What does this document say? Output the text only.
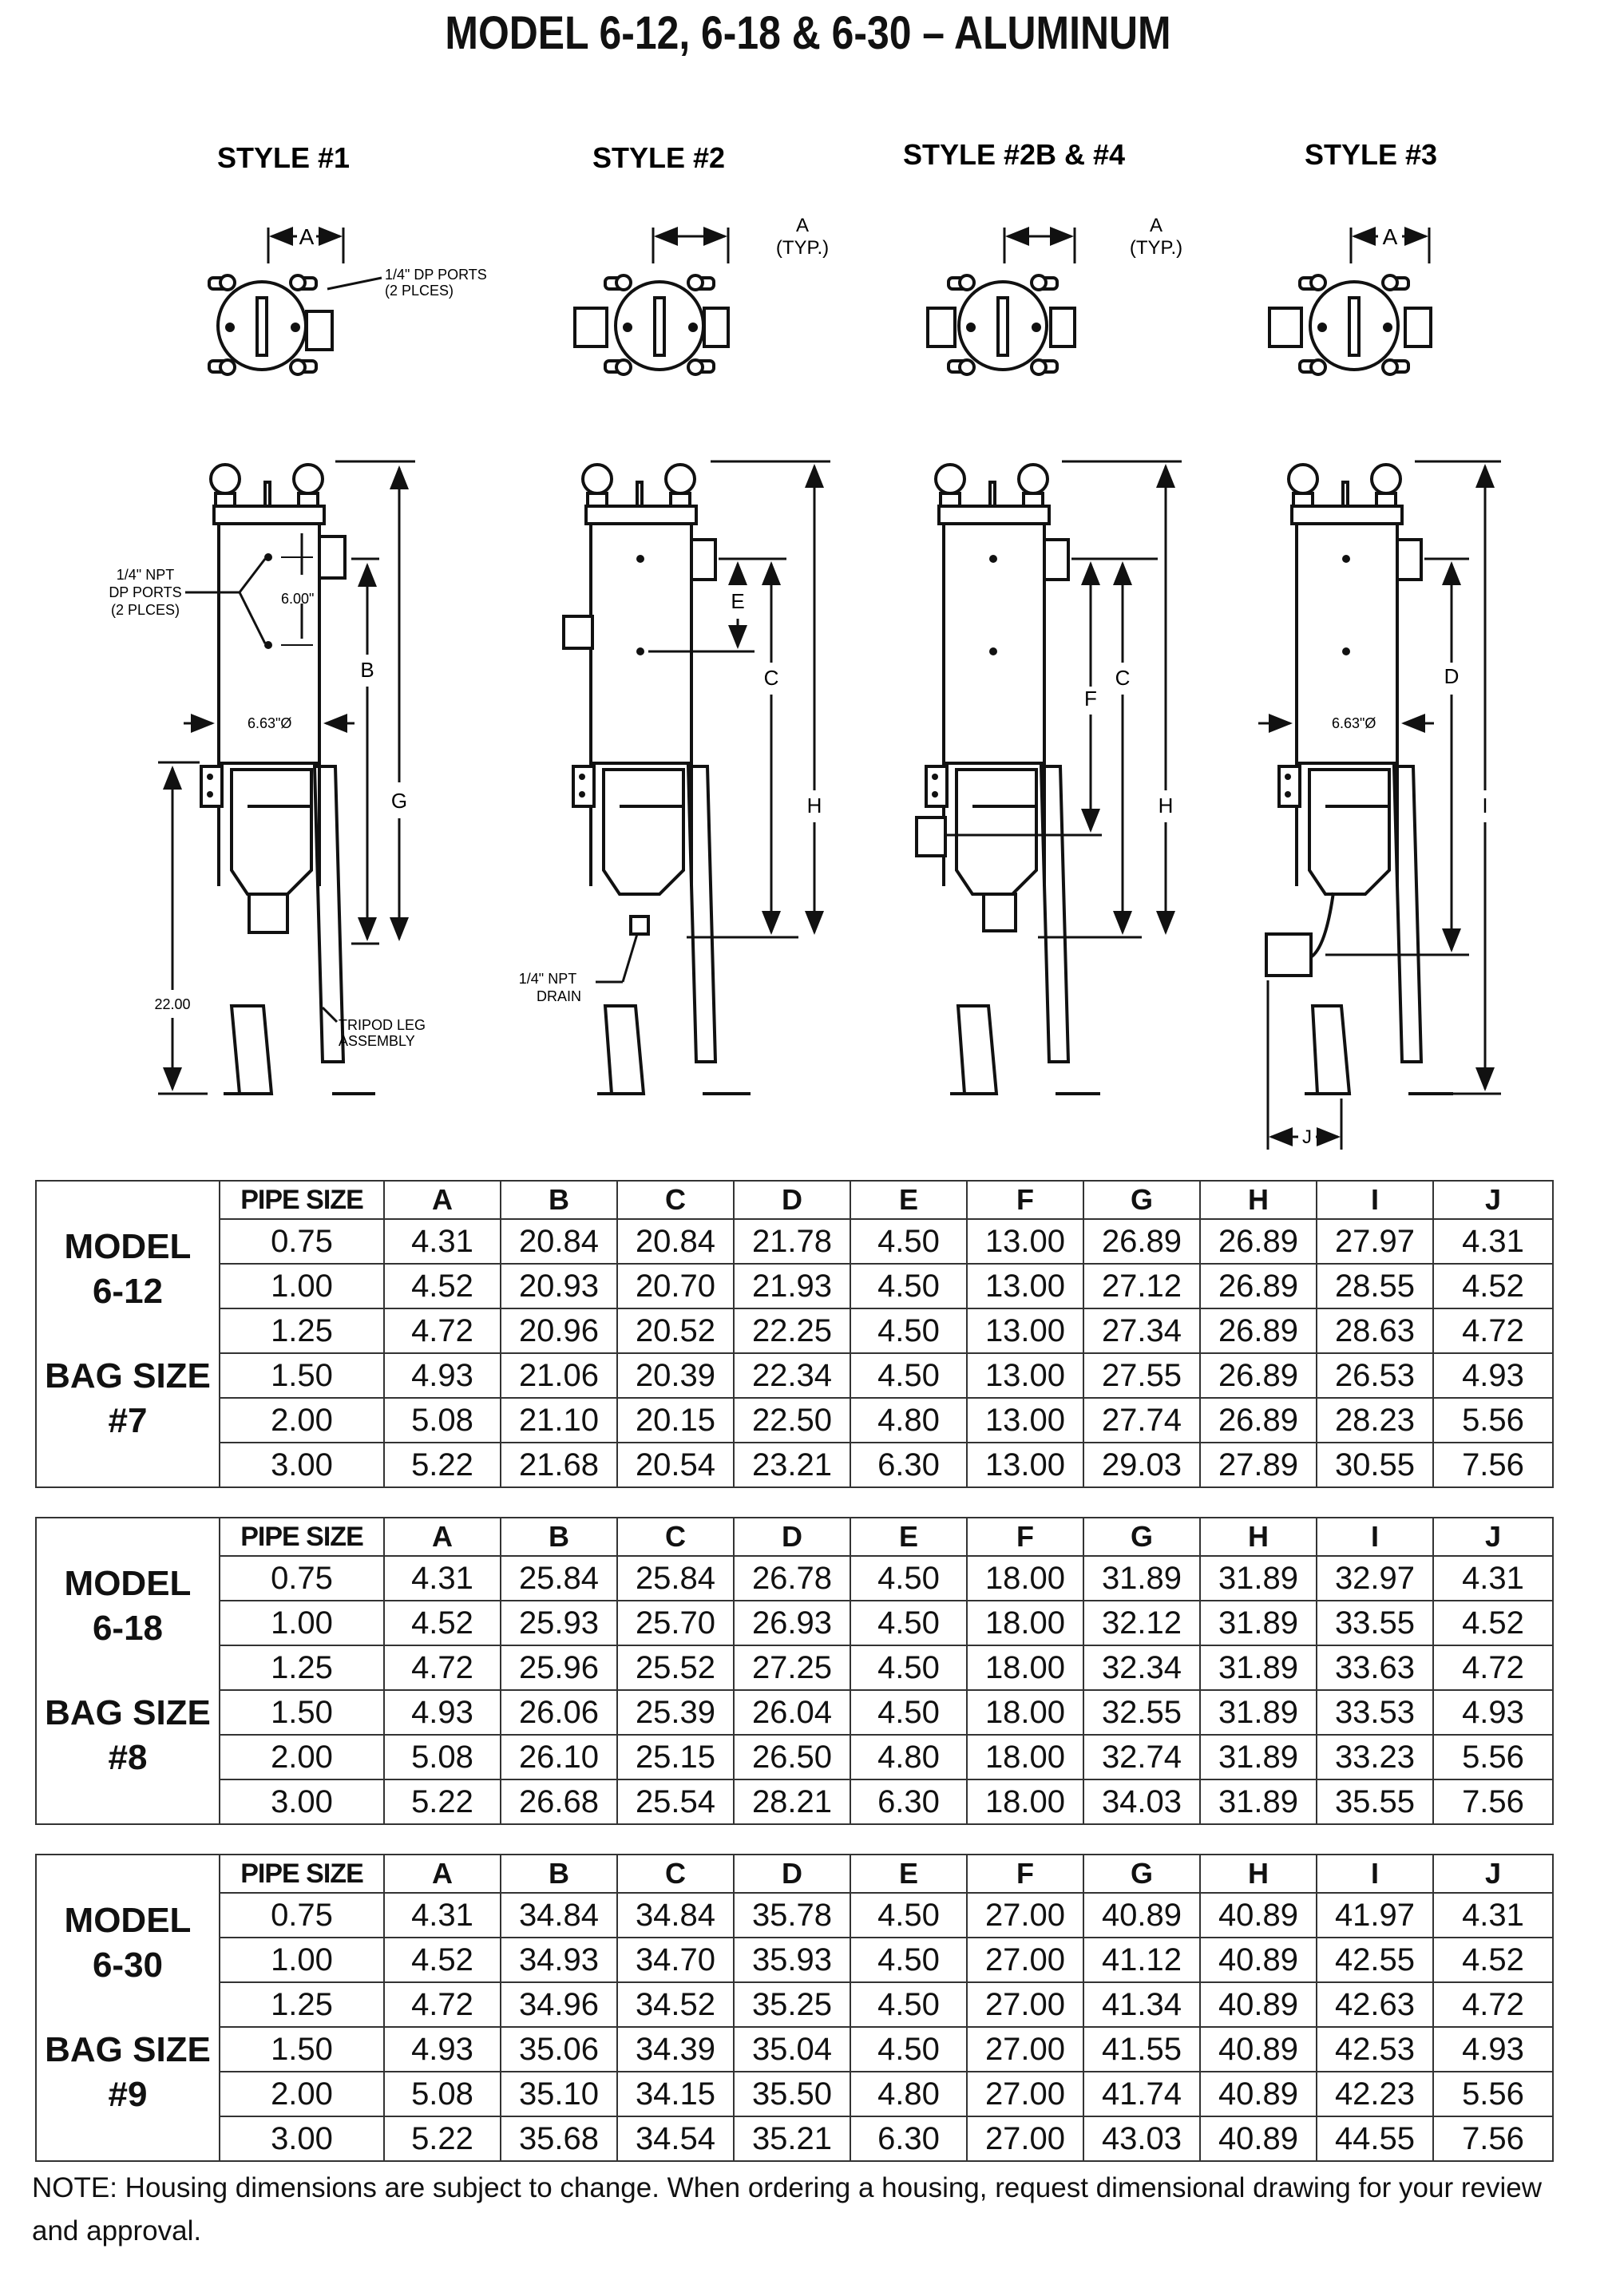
MODEL 6-12, 6-18 & 6-30 – ALUMINUM
STYLE #1	STYLE #2	STYLE #2B & #4	STYLE #3
A	A
(TYP.)
A
(TYP.)	A
1/4" DP PORTS
(2 PLCES)
1/4" NPT
DP PORTS
(2 PLCES)
6.00"
6.63"Ø
B
G
22.00
TRIPOD LEG
ASSEMBLY
E
C
H
1/4" NPT
DRAIN
F
C
H
D
I
6.63"Ø
J
MODEL
6-12
BAG SIZE
#7	PIPE SIZE	A	B	C	D	E	F	G	H	I	J
	0.75	4.31	20.84	20.84	21.78	4.50	13.00	26.89	26.89	27.97	4.31
	1.00	4.52	20.93	20.70	21.93	4.50	13.00	27.12	26.89	28.55	4.52
	1.25	4.72	20.96	20.52	22.25	4.50	13.00	27.34	26.89	28.63	4.72
	1.50	4.93	21.06	20.39	22.34	4.50	13.00	27.55	26.89	26.53	4.93
	2.00	5.08	21.10	20.15	22.50	4.80	13.00	27.74	26.89	28.23	5.56
	3.00	5.22	21.68	20.54	23.21	6.30	13.00	29.03	27.89	30.55	7.56
MODEL
6-18
BAG SIZE
#8	PIPE SIZE	A	B	C	D	E	F	G	H	I	J
	0.75	4.31	25.84	25.84	26.78	4.50	18.00	31.89	31.89	32.97	4.31
	1.00	4.52	25.93	25.70	26.93	4.50	18.00	32.12	31.89	33.55	4.52
	1.25	4.72	25.96	25.52	27.25	4.50	18.00	32.34	31.89	33.63	4.72
	1.50	4.93	26.06	25.39	26.04	4.50	18.00	32.55	31.89	33.53	4.93
	2.00	5.08	26.10	25.15	26.50	4.80	18.00	32.74	31.89	33.23	5.56
	3.00	5.22	26.68	25.54	28.21	6.30	18.00	34.03	31.89	35.55	7.56
MODEL
6-30
BAG SIZE
#9	PIPE SIZE	A	B	C	D	E	F	G	H	I	J
	0.75	4.31	34.84	34.84	35.78	4.50	27.00	40.89	40.89	41.97	4.31
	1.00	4.52	34.93	34.70	35.93	4.50	27.00	41.12	40.89	42.55	4.52
	1.25	4.72	34.96	34.52	35.25	4.50	27.00	41.34	40.89	42.63	4.72
	1.50	4.93	35.06	34.39	35.04	4.50	27.00	41.55	40.89	42.53	4.93
	2.00	5.08	35.10	34.15	35.50	4.80	27.00	41.74	40.89	42.23	5.56
	3.00	5.22	35.68	34.54	35.21	6.30	27.00	43.03	40.89	44.55	7.56
NOTE: Housing dimensions are subject to change. When ordering a housing, request dimensional drawing for your review and approval.
